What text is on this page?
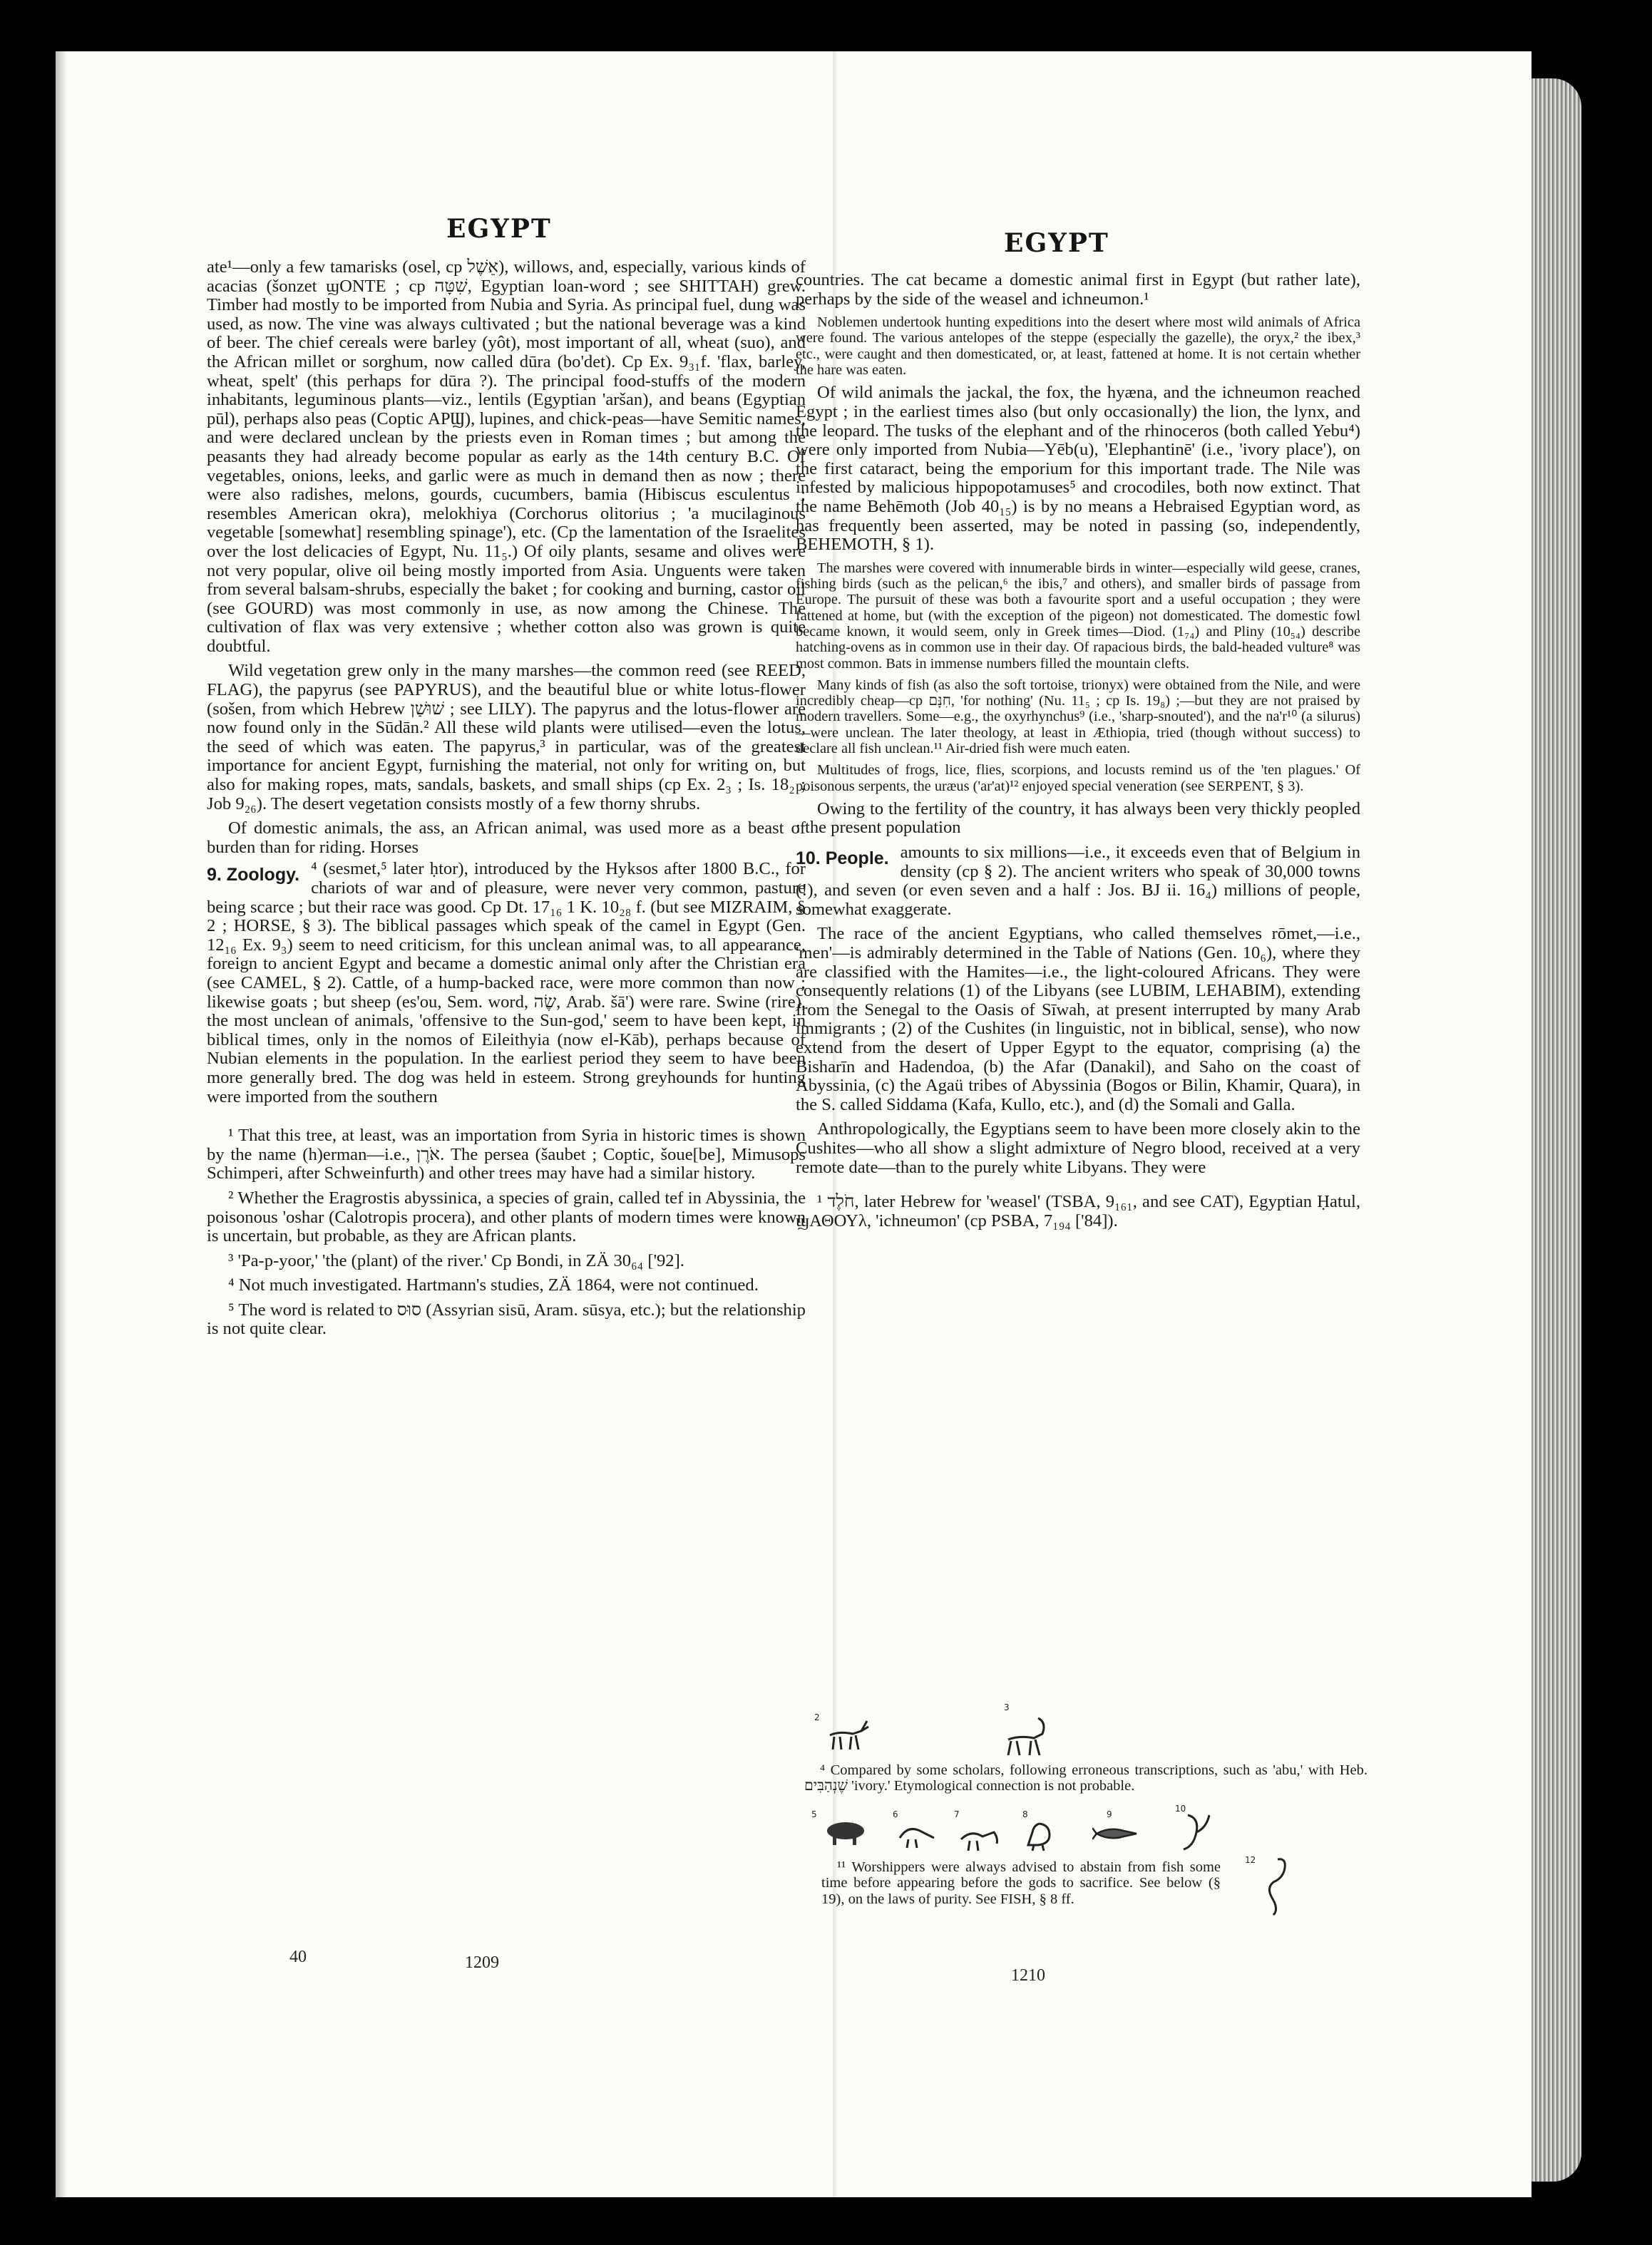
EGYPT

ate¹—only a few tamarisks (osel, cp אֵשֶׁל), willows, and, especially, various kinds of acacias (šonzet ϣONTE ; cp שִׁטָּה, Egyptian loan-word ; see SHITTAH) grew. Timber had mostly to be imported from Nubia and Syria. As principal fuel, dung was used, as now. The vine was always cultivated ; but the national beverage was a kind of beer. The chief cereals were barley (yôt), most important of all, wheat (suo), and the African millet or sorghum, now called dūra (bo'det). Cp Ex. 9₃₁f. 'flax, barley, wheat, spelt' (this perhaps for dūra ?). The principal food-stuffs of the modern inhabitants, leguminous plants—viz., lentils (Egyptian 'aršan), and beans (Egyptian pūl), perhaps also peas (Coptic ΑΡϢ), lupines, and chick-peas—have Semitic names, and were declared unclean by the priests even in Roman times ; but among the peasants they had already become popular as early as the 14th century B.C. Of vegetables, onions, leeks, and garlic were as much in demand then as now ; there were also radishes, melons, gourds, cucumbers, bamia (Hibiscus esculentus ; resembles American okra), melokhiya (Corchorus olitorius ; 'a mucilaginous vegetable [somewhat] resembling spinage'), etc. (Cp the lamentation of the Israelites over the lost delicacies of Egypt, Nu. 11₅.) Of oily plants, sesame and olives were not very popular, olive oil being mostly imported from Asia. Unguents were taken from several balsam-shrubs, especially the baket ; for cooking and burning, castor oil (see GOURD) was most commonly in use, as now among the Chinese. The cultivation of flax was very extensive ; whether cotton also was grown is quite doubtful.

Wild vegetation grew only in the many marshes—the common reed (see REED, FLAG), the papyrus (see PAPYRUS), and the beautiful blue or white lotus-flower (sošen, from which Hebrew שׁוּשַׁן ; see LILY). The papyrus and the lotus-flower are now found only in the Sūdān.² All these wild plants were utilised—even the lotus, the seed of which was eaten. The papyrus,³ in particular, was of the greatest importance for ancient Egypt, furnishing the material, not only for writing on, but also for making ropes, mats, sandals, baskets, and small ships (cp Ex. 2₃ ; Is. 18₂ ; Job 9₂₆). The desert vegetation consists mostly of a few thorny shrubs.

Of domestic animals, the ass, an African animal, was used more as a beast of burden than for riding. Horses

9. Zoology. ⁴ (sesmet,⁵ later ḥtor), introduced by the Hyksos after 1800 B.C., for chariots of war and of pleasure, were never very common, pasture being scarce ; but their race was good. Cp Dt. 17₁₆ 1 K. 10₂₈ f. (but see MIZRAIM, § 2 ; HORSE, § 3). The biblical passages which speak of the camel in Egypt (Gen. 12₁₆ Ex. 9₃) seem to need criticism, for this unclean animal was, to all appearance, foreign to ancient Egypt and became a domestic animal only after the Christian era (see CAMEL, § 2). Cattle, of a hump-backed race, were more common than now ; likewise goats ; but sheep (es'ou, Sem. word, שֶׂה, Arab. šā') were rare. Swine (rire), the most unclean of animals, 'offensive to the Sun-god,' seem to have been kept, in biblical times, only in the nomos of Eileithyia (now el-Kāb), perhaps because of Nubian elements in the population. In the earliest period they seem to have been more generally bred. The dog was held in esteem. Strong greyhounds for hunting were imported from the southern

¹ That this tree, at least, was an importation from Syria in historic times is shown by the name (h)erman—i.e., אֹרֶן. The persea (šaubet ; Coptic, šoue[be], Mimusops Schimperi, after Schweinfurth) and other trees may have had a similar history.

² Whether the Eragrostis abyssinica, a species of grain, called tef in Abyssinia, the poisonous 'oshar (Calotropis procera), and other plants of modern times were known is uncertain, but probable, as they are African plants.

³ 'Pa-p-yoor,' 'the (plant) of the river.' Cp Bondi, in ZÄ 30₆₄ ['92].

⁴ Not much investigated. Hartmann's studies, ZÄ 1864, were not continued.

⁵ The word is related to סוּס (Assyrian sisū, Aram. sūsya, etc.); but the relationship is not quite clear.

40	1209
EGYPT

countries. The cat became a domestic animal first in Egypt (but rather late), perhaps by the side of the weasel and ichneumon.¹

Noblemen undertook hunting expeditions into the desert where most wild animals of Africa were found. The various antelopes of the steppe (especially the gazelle), the oryx,² the ibex,³ etc., were caught and then domesticated, or, at least, fattened at home. It is not certain whether the hare was eaten.

Of wild animals the jackal, the fox, the hyæna, and the ichneumon reached Egypt ; in the earliest times also (but only occasionally) the lion, the lynx, and the leopard. The tusks of the elephant and of the rhinoceros (both called Yebu⁴) were only imported from Nubia—Yēb(u), 'Elephantinē' (i.e., 'ivory place'), on the first cataract, being the emporium for this important trade. The Nile was infested by malicious hippopotamuses⁵ and crocodiles, both now extinct. That the name Behēmoth (Job 40₁₅) is by no means a Hebraised Egyptian word, as has frequently been asserted, may be noted in passing (so, independently, BEHEMOTH, § 1).

The marshes were covered with innumerable birds in winter—especially wild geese, cranes, fishing birds (such as the pelican,⁶ the ibis,⁷ and others), and smaller birds of passage from Europe. The pursuit of these was both a favourite sport and a useful occupation ; they were fattened at home, but (with the exception of the pigeon) not domesticated. The domestic fowl became known, it would seem, only in Greek times—Diod. (1₇₄) and Pliny (10₅₄) describe hatching-ovens as in common use in their day. Of rapacious birds, the bald-headed vulture⁸ was most common. Bats in immense numbers filled the mountain clefts.

Many kinds of fish (as also the soft tortoise, trionyx) were obtained from the Nile, and were incredibly cheap—cp חִנָּם, 'for nothing' (Nu. 11₅ ; cp Is. 19₈) ;—but they are not praised by modern travellers. Some—e.g., the oxyrhynchus⁹ (i.e., 'sharp-snouted'), and the na'r¹⁰ (a silurus)—were unclean. The later theology, at least in Æthiopia, tried (though without success) to declare all fish unclean.¹¹ Air-dried fish were much eaten.

Multitudes of frogs, lice, flies, scorpions, and locusts remind us of the 'ten plagues.' Of poisonous serpents, the uræus ('ar'at)¹² enjoyed special veneration (see SERPENT, § 3).

Owing to the fertility of the country, it has always been very thickly peopled : the present population

10. People. amounts to six millions—i.e., it exceeds even that of Belgium in density (cp § 2). The ancient writers who speak of 30,000 towns (!), and seven (or even seven and a half : Jos. BJ ii. 16₄) millions of people, somewhat exaggerate.

The race of the ancient Egyptians, who called themselves rōmet,—i.e., 'men'—is admirably determined in the Table of Nations (Gen. 10₆), where they are classified with the Hamites—i.e., the light-coloured Africans. They were consequently relations (1) of the Libyans (see LUBIM, LEHABIM), extending from the Senegal to the Oasis of Sīwah, at present interrupted by many Arab immigrants ; (2) of the Cushites (in linguistic, not in biblical, sense), who now extend from the desert of Upper Egypt to the equator, comprising (a) the Bisharīn and Hadendoa, (b) the Afar (Danakil), and Saho on the coast of Abyssinia, (c) the Agaü tribes of Abyssinia (Bogos or Bilin, Khamir, Quara), in the S. called Siddama (Kafa, Kullo, etc.), and (d) the Somali and Galla.

Anthropologically, the Egyptians seem to have been more closely akin to the Cushites—who all show a slight admixture of Negro blood, received at a very remote date—than to the purely white Libyans. They were

¹ חֹלֶד, later Hebrew for 'weasel' (TSBA, 9₁₆₁, and see CAT), Egyptian Ḥatul, ϣΑΘΟΥλ, 'ichneumon' (cp PSBA, 7₁₉₄ ['84]).

2
3

⁴ Compared by some scholars, following erroneous transcriptions, such as 'abu,' with Heb. שֶׁנְהַבִּים 'ivory.' Etymological connection is not probable.

5	6	7	8	9
10

¹¹ Worshippers were always advised to abstain from fish some time before appearing before the gods to sacrifice. See below (§ 19), on the laws of purity. See FISH, § 8 ff.

12
1210
